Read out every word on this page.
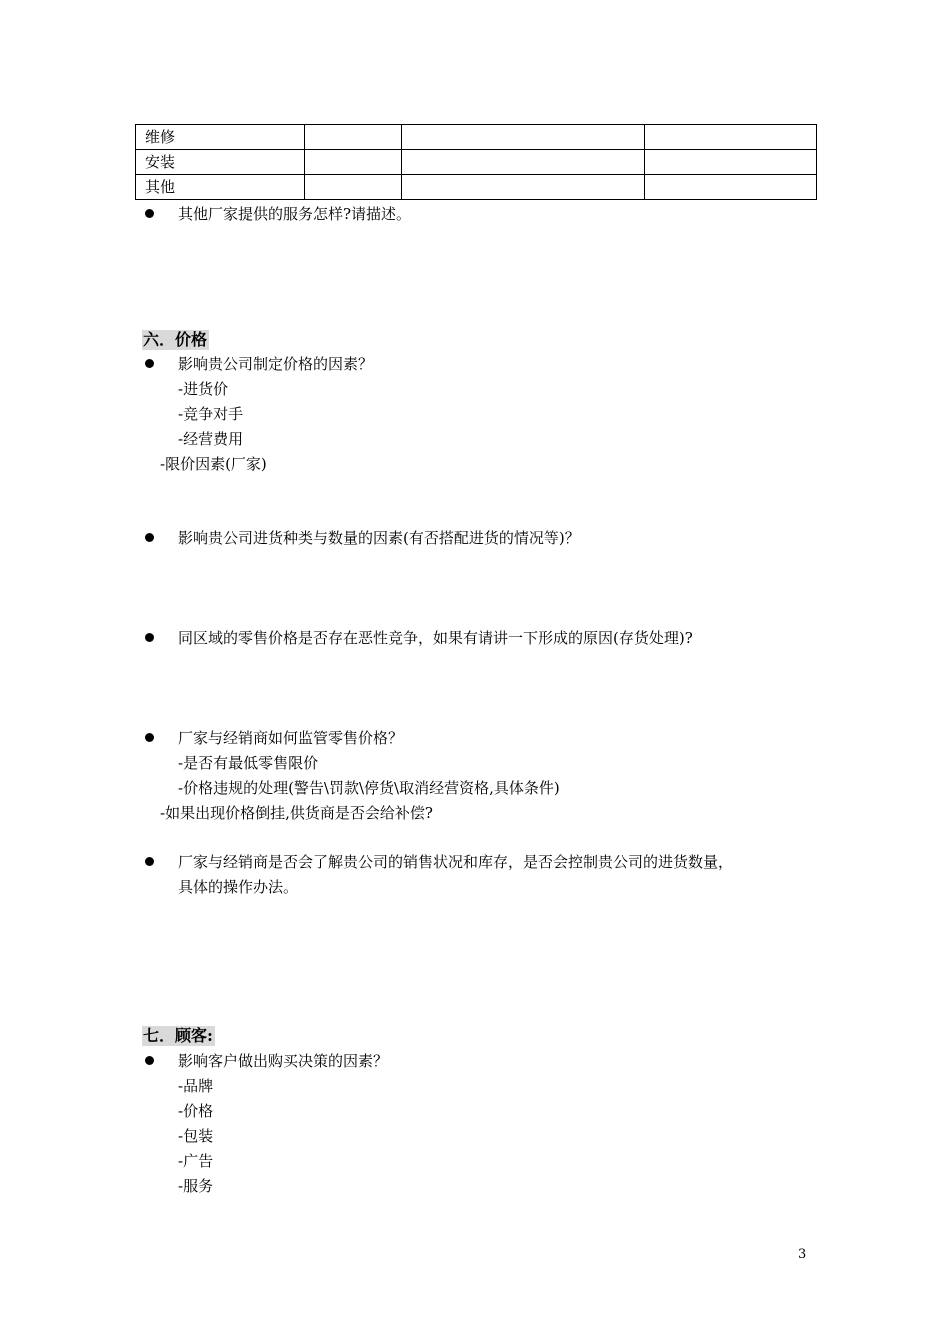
维修			
安装			
其他			
其他厂家提供的服务怎样?请描述。
六．价格
影响贵公司制定价格的因素？
-进货价
-竞争对手
-经营费用
-限价因素(厂家)
影响贵公司进货种类与数量的因素(有否搭配进货的情况等)？
同区域的零售价格是否存在恶性竞争，如果有请讲一下形成的原因(存货处理)?
厂家与经销商如何监管零售价格？
-是否有最低零售限价
-价格违规的处理(警告\罚款\停货\取消经营资格,具体条件)
-如果出现价格倒挂,供货商是否会给补偿?
厂家与经销商是否会了解贵公司的销售状况和库存，是否会控制贵公司的进货数量，
具体的操作办法。
七．顾客:
影响客户做出购买决策的因素？
-品牌
-价格
-包装
-广告
-服务
3
